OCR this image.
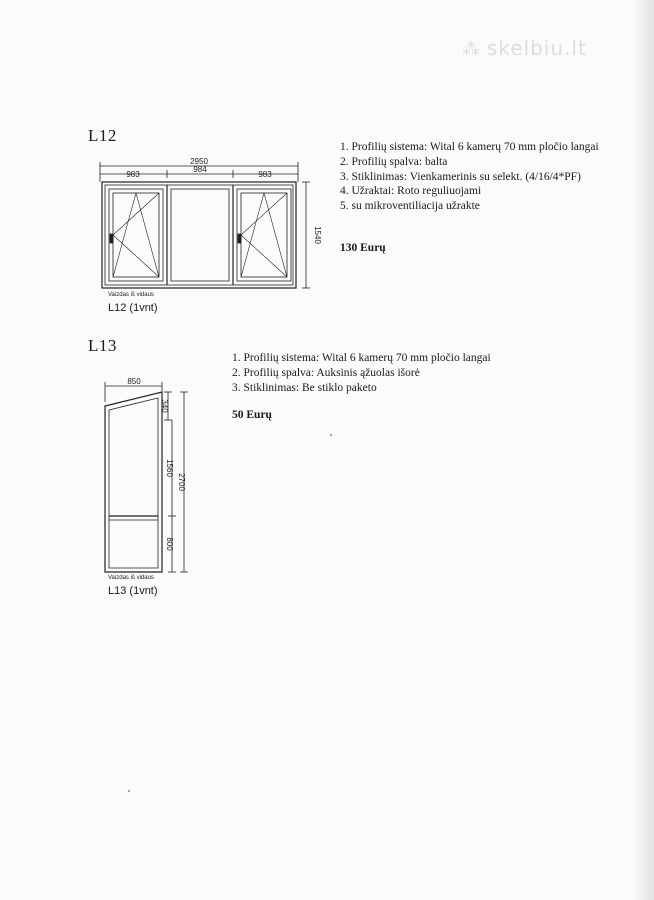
⁂ skelbiu.lt
L12
1. Profilių sistema: Wital 6 kamerų 70 mm pločio langai
2. Profilių spalva: balta
3. Stiklinimas: Vienkamerinis su selekt. (4/16/4*PF)
4. Užraktai: Roto reguliuojami
5. su mikroventiliacija užrakte
130 Eurų
2950
983
984
983
1540
Vaizdas iš vidaus
L12 (1vnt)
L13
1. Profilių sistema: Wital 6 kamerų 70 mm pločio langai
2. Profilių spalva: Auksinis ąžuolas išorė
3. Stiklinimas: Be stiklo paketo
50 Eurų
850
340
1560
2700
800
Vaizdas iš vidaus
L13 (1vnt)
